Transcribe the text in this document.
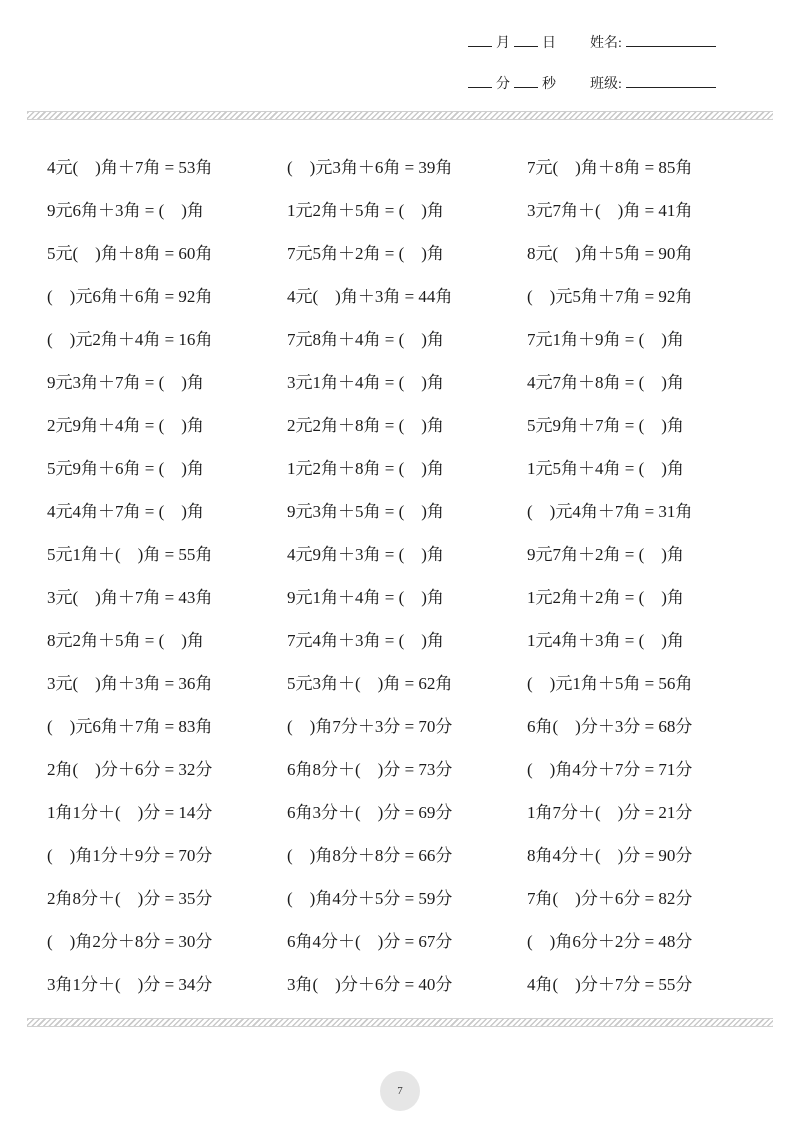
月 日 姓名:
分 秒 班级:
4元(    )角＋7角 = 53角	(    )元3角＋6角 = 39角	7元(    )角＋8角 = 85角
9元6角＋3角 = (    )角	1元2角＋5角 = (    )角	3元7角＋(    )角 = 41角
5元(    )角＋8角 = 60角	7元5角＋2角 = (    )角	8元(    )角＋5角 = 90角
(    )元6角＋6角 = 92角	4元(    )角＋3角 = 44角	(    )元5角＋7角 = 92角
(    )元2角＋4角 = 16角	7元8角＋4角 = (    )角	7元1角＋9角 = (    )角
9元3角＋7角 = (    )角	3元1角＋4角 = (    )角	4元7角＋8角 = (    )角
2元9角＋4角 = (    )角	2元2角＋8角 = (    )角	5元9角＋7角 = (    )角
5元9角＋6角 = (    )角	1元2角＋8角 = (    )角	1元5角＋4角 = (    )角
4元4角＋7角 = (    )角	9元3角＋5角 = (    )角	(    )元4角＋7角 = 31角
5元1角＋(    )角 = 55角	4元9角＋3角 = (    )角	9元7角＋2角 = (    )角
3元(    )角＋7角 = 43角	9元1角＋4角 = (    )角	1元2角＋2角 = (    )角
8元2角＋5角 = (    )角	7元4角＋3角 = (    )角	1元4角＋3角 = (    )角
3元(    )角＋3角 = 36角	5元3角＋(    )角 = 62角	(    )元1角＋5角 = 56角
(    )元6角＋7角 = 83角	(    )角7分＋3分 = 70分	6角(    )分＋3分 = 68分
2角(    )分＋6分 = 32分	6角8分＋(    )分 = 73分	(    )角4分＋7分 = 71分
1角1分＋(    )分 = 14分	6角3分＋(    )分 = 69分	1角7分＋(    )分 = 21分
(    )角1分＋9分 = 70分	(    )角8分＋8分 = 66分	8角4分＋(    )分 = 90分
2角8分＋(    )分 = 35分	(    )角4分＋5分 = 59分	7角(    )分＋6分 = 82分
(    )角2分＋8分 = 30分	6角4分＋(    )分 = 67分	(    )角6分＋2分 = 48分
3角1分＋(    )分 = 34分	3角(    )分＋6分 = 40分	4角(    )分＋7分 = 55分
7
